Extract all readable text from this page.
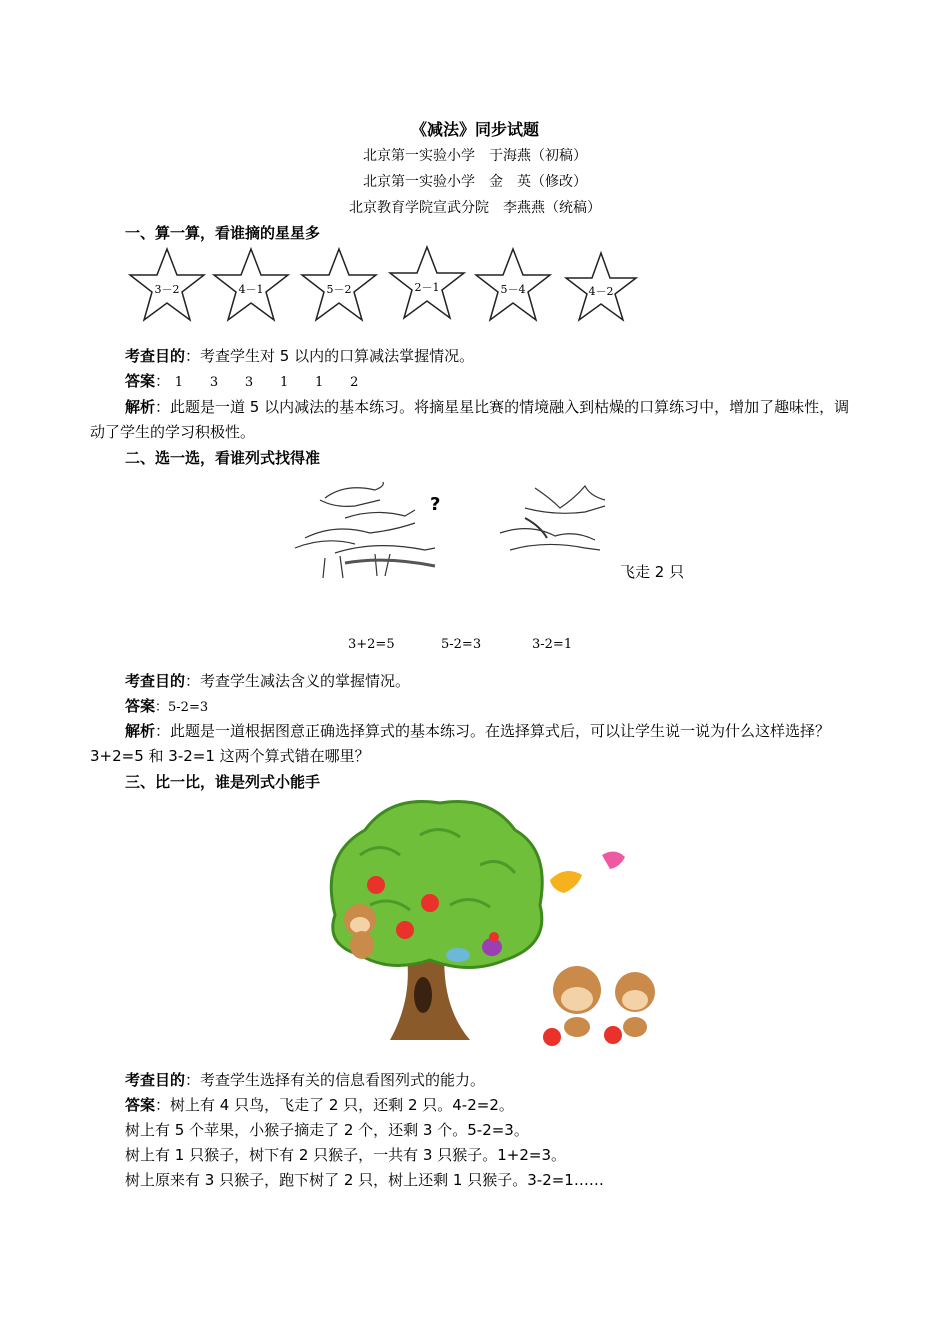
《减法》同步试题
北京第一实验小学　于海燕（初稿）
北京第一实验小学　金　英（修改）
北京教育学院宣武分院　李燕燕（统稿）
一、算一算，看谁摘的星星多
3－2	4－1	5－2	2－1	5－4	4－2
考查目的：考查学生对 5 以内的口算减法掌握情况。
答案： 1 3 3 1 1 2
解析：此题是一道 5 以内减法的基本练习。将摘星星比赛的情境融入到枯燥的口算练习中，增加了趣味性，调动了学生的学习积极性。
二、选一选，看谁列式找得准
?
飞走 2 只
3+2=5	5-2=3	3-2=1
考查目的：考查学生减法含义的掌握情况。
答案：5-2=3
解析：此题是一道根据图意正确选择算式的基本练习。在选择算式后，可以让学生说一说为什么这样选择？3+2=5 和 3-2=1 这两个算式错在哪里？
三、比一比，谁是列式小能手
考查目的：考查学生选择有关的信息看图列式的能力。
答案：树上有 4 只鸟，飞走了 2 只，还剩 2 只。4-2=2。
树上有 5 个苹果，小猴子摘走了 2 个，还剩 3 个。5-2=3。
树上有 1 只猴子，树下有 2 只猴子，一共有 3 只猴子。1+2=3。
树上原来有 3 只猴子，跑下树了 2 只，树上还剩 1 只猴子。3-2=1……
